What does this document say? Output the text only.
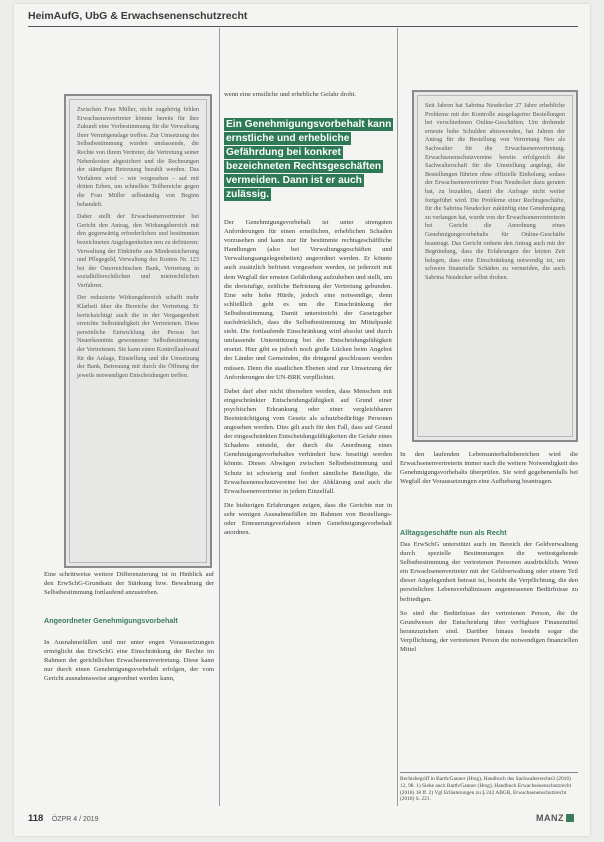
HeimAufG, UbG & Erwachsenenschutzrecht

Zwischen Frau Müller, nicht zugehörig fehlen Erwachsenenvertreter könnte bereits für ihre Zukunft eine Vorbestimmung für die Verwaltung ihrer Vermögenslage treffen. Zur Umsetzung des Selbstbestimmung wurden umfassende, die Rechte von ihrem Vertreter, die Vertretung seiner Nebenkosten abgesichert und die Rechnungen der ständigen Betreuung bezahlt werden. Das Verfahren wird – wie vorgesehen – auf mit dritten Erben, um schnellste Teilbereiche gegen die Frau Müller selbständig von Beginn behandelt.

Daher stellt der Erwachsenenvertreter bei Gericht den Antrag, den Wirkungsbereich mit den gegenwärtig erforderlichen und bestimmten bezeichneten Angelegenheiten neu zu definieren: Verwaltung der Einkünfte aus Mindestsicherung und Pflegegeld, Verwaltung des Kontos Nr. 123 bei der Österreichischen Bank, Vertretung in sozialhilferechtlichen und mietrechtlichen Verfahren.

Der reduzierte Wirkungsbereich schafft mehr Klarheit über die Bereiche der Vertretung. Er berücksichtigt auch die in der Vergangenheit erreichte Selbständigkeit der Vertretenen. Diese persönliche Entwicklung der Person bei Neuerkenntnis gewonnener Selbstbestimmung der Vertretenen. Sie kann einen Kontrollaufwand für die Anlage, Einstellung und die Umsetzung der Bank, Betreuung mit durch die Öffnung der jeweils notwendigen Entscheidungen treffen.

Eine schrittweise weitere Differenzierung ist in Hinblick auf den ErwSchG-Grundsatz der Stärkung bzw. Bewahrung der Selbstbestimmung fortlaufend anzustreben.

Angeordneter Genehmigungsvorbehalt

In Ausnahmefällen und nur unter engen Voraussetzungen ermöglicht das ErwSchG eine Einschränkung der Rechte im Rahmen der gerichtlichen Erwachsenenvertretung. Diese kann nur durch einen Genehmigungsvorbehalt erfolgen, der vom Gericht ausnahmsweise angeordnet werden kann,

wenn eine ernstliche und erhebliche Gefahr droht.

Ein Genehmigungsvorbehalt kann ernstliche und erhebliche Gefährdung bei konkret bezeichneten Rechtsgeschäften vermeiden. Dann ist er auch zulässig.

Der Genehmigungsvorbehalt ist unter strengsten Anforderungen für einen ernstlichen, erheblichen Schaden vorzusehen und kann nur für bestimmte rechtsgeschäftliche Handlungen (also bei Verwaltungsgeschäften und Verwaltungsangelegenheiten) angeordnet werden. Er könnte auch zusätzlich befristet vorgesehen werden, ist jederzeit mit dem Wegfall der ernsten Gefährdung aufzuheben und stellt, um die dreistufige, zeitliche Befristung der Vertretung gebunden. Eine sehr hohe Hürde, jedoch eine notwendige, denn schließlich geht es um die Einschränkung der Selbstbestimmung. Damit unterstreicht der Gesetzgeber nachdrücklich, dass die Selbstbestimmung im Mittelpunkt steht. Die fortlaufende Einschränkung wird absolut und durch umfassende Unterstützung bei der Entscheidungsfähigkeit ersetzt. Hier gibt es jedoch noch große Lücken beim Angebot der Länder und Gemeinden, die dringend geschlossen werden müssen. Denn die staatlichen Ebenen sind zur Umsetzung der Anforderungen der UN-BRK verpflichtet.

Dabei darf aber nicht übersehen werden, dass Menschen mit eingeschränkter Entscheidungsfähigkeit auf Grund einer psychischen Erkrankung oder einer vergleichbaren Beeinträchtigung vom Gesetz als schutzbedürftige Personen angesehen werden. Dies gilt auch für den Fall, dass auf Grund der eingeschränkten Entscheidungsfähigkeiten die Gefahr eines Schadens entsteht, der durch die Anordnung eines Genehmigungsvorbehaltes verhindert bzw. beseitigt werden könnte. Dieses Abwägen zwischen Selbstbestimmung und Schutz ist schwierig und fordert sämtliche Beteiligte, die Erwachsenenschutzvereine bei der Abklärung und auch die Erwachsenenvertreter in jedem Einzelfall.

Die bisherigen Erfahrungen zeigen, dass die Gerichte nur in sehr wenigen Ausnahmefällen im Rahmen von Bestellungs- oder Erneuerungsverfahren einen Genehmigungsvorbehalt anordnen.

Seit Jahren hat Sabrina Neudecker 27 Jahre erhebliche Probleme mit der Kontrolle ausgelagerter Bestellungen bei verschiedenen Online-Geschäften. Um drohende erneute hohe Schulden abzuwenden, hat Jahren der Antrag für die Bestellung von Vertretung Neu als Sachwalter für die Erwachsenenvertretung. Erwachsenenschutzvereine bereits erfolgreich die Sachwalterschaft für die Umstellung angelegt, die Bestellungen führten ohne offizielle Einholung, sodass der Erwachsenenvertreter Frau Neudecker dazu geraten hat, zu bezahlen, damit die Anfrage nicht weiter fortgeführt wird. Die Probleme einer Rechtsgeschäfte, für die Sabrina Neudecker zukünftig eine Genehmigung zu verlangen hat, wurde von der Erwachsenenvertreterin bei Gericht die Anordnung eines Genehmigungsvorbehalts für Online-Geschäfte beantragt. Das Gericht ordnete den Antrag auch mit der Begründung, dass die Erfahrungen der letzten Zeit belegen, dass eine Einschränkung notwendig ist, um schwere finanzielle Schäden zu vermeiden, die auch Sabrina Neudecker selbst drohen.

In den laufenden Lebensunterhaltsbereichen wird die Erwachsenenvertreterin immer nach die weitere Notwendigkeit des Genehmigungsvorbehalts überprüfen. Sie wird gegebenenfalls bei Wegfall der Voraussetzungen eine Aufhebung beantragen.

Alltagsgeschäfte nun als Recht

Das ErwSchG unterstützt auch im Bereich der Geldverwaltung durch spezielle Bestimmungen die weitestgehende Selbstbestimmung der vertretenen Personen ausdrücklich. Wenn ein Erwachsenenvertreter mit der Geldverwaltung oder einem Teil dieser Angelegenheit betraut ist, besteht die Verpflichtung, die den persönlichen Lebensverhältnissen angemessenen Bedürfnisse zu befriedigen.

So sind die Bedürfnisse der vertretenen Person, die ihr Grundwesen der Entscheidung über verfügbare Finanzmittel heranzuziehen sind. Darüber hinaus besteht sogar die Verpflichtung, der vertretenen Person die notwendigen finanziellen Mittel

Rechtsbegriff in Barth/Ganner (Hrsg), Handbuch des Sachwalterrechts3 (2016) 12, 98. 1) Siehe auch Barth/Ganner (Hrsg), Handbuch Erwachsenenschutzrecht (2018) 18 ff. 2) Vgl Erläuterungen zu § 242 ABGB, Erwachsenenschutzrecht (2018) S. 221.
118 ÖZPR 4 / 2019	MANZ
